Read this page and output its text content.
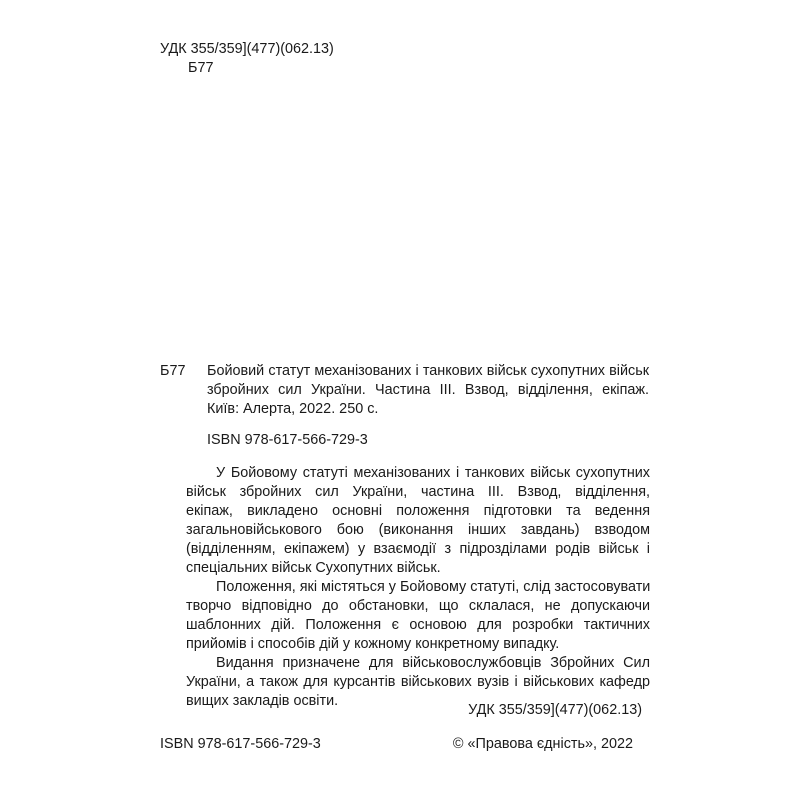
УДК 355/359](477)(062.13)
Б77
Б77 Бойовий статут механізованих і танкових військ сухопутних військ
збройних сил України. Частина ІІІ. Взвод, відділення, екіпаж.
Київ: Алерта, 2022. 250 с.
ISBN 978-617-566-729-3
У Бойовому статуті механізованих і танкових військ сухопутних
військ збройних сил України, частина ІІІ. Взвод, відділення,
екіпаж, викладено основні положення підготовки та ведення
загальновійськового бою (виконання інших завдань) взводом
(відділенням, екіпажем) у взаємодії з підрозділами родів військ і
спеціальних військ Сухопутних військ.
Положення, які містяться у Бойовому статуті, слід застосовувати
творчо відповідно до обстановки, що склалася, не допускаючи
шаблонних дій. Положення є основою для розробки тактичних
прийомів і способів дій у кожному конкретному випадку.
Видання призначене для військовослужбовців Збройних Сил
України, а також для курсантів військових вузів і військових кафедр
вищих закладів освіти.
УДК 355/359](477)(062.13)
ISBN 978-617-566-729-3	© «Правова єдність», 2022
